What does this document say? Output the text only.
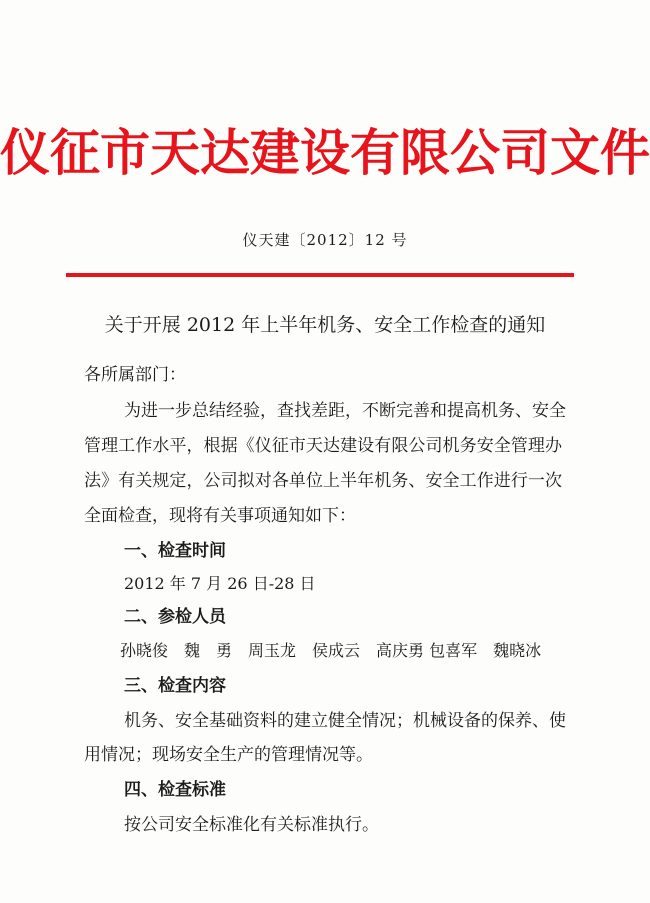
仪征市天达建设有限公司文件
仪天建〔2012〕12 号
关于开展 2012 年上半年机务、安全工作检查的通知
各所属部门：
为进一步总结经验，查找差距，不断完善和提高机务、安全
管理工作水平，根据《仪征市天达建设有限公司机务安全管理办
法》有关规定，公司拟对各单位上半年机务、安全工作进行一次
全面检查，现将有关事项通知如下：
一、检查时间
2012 年 7 月 26 日-28 日
二、参检人员
孙晓俊　魏　勇　周玉龙　侯成云　高庆勇 包喜军　魏晓冰
三、检查内容
机务、安全基础资料的建立健全情况；机械设备的保养、使
用情况；现场安全生产的管理情况等。
四、检查标准
按公司安全标准化有关标准执行。
